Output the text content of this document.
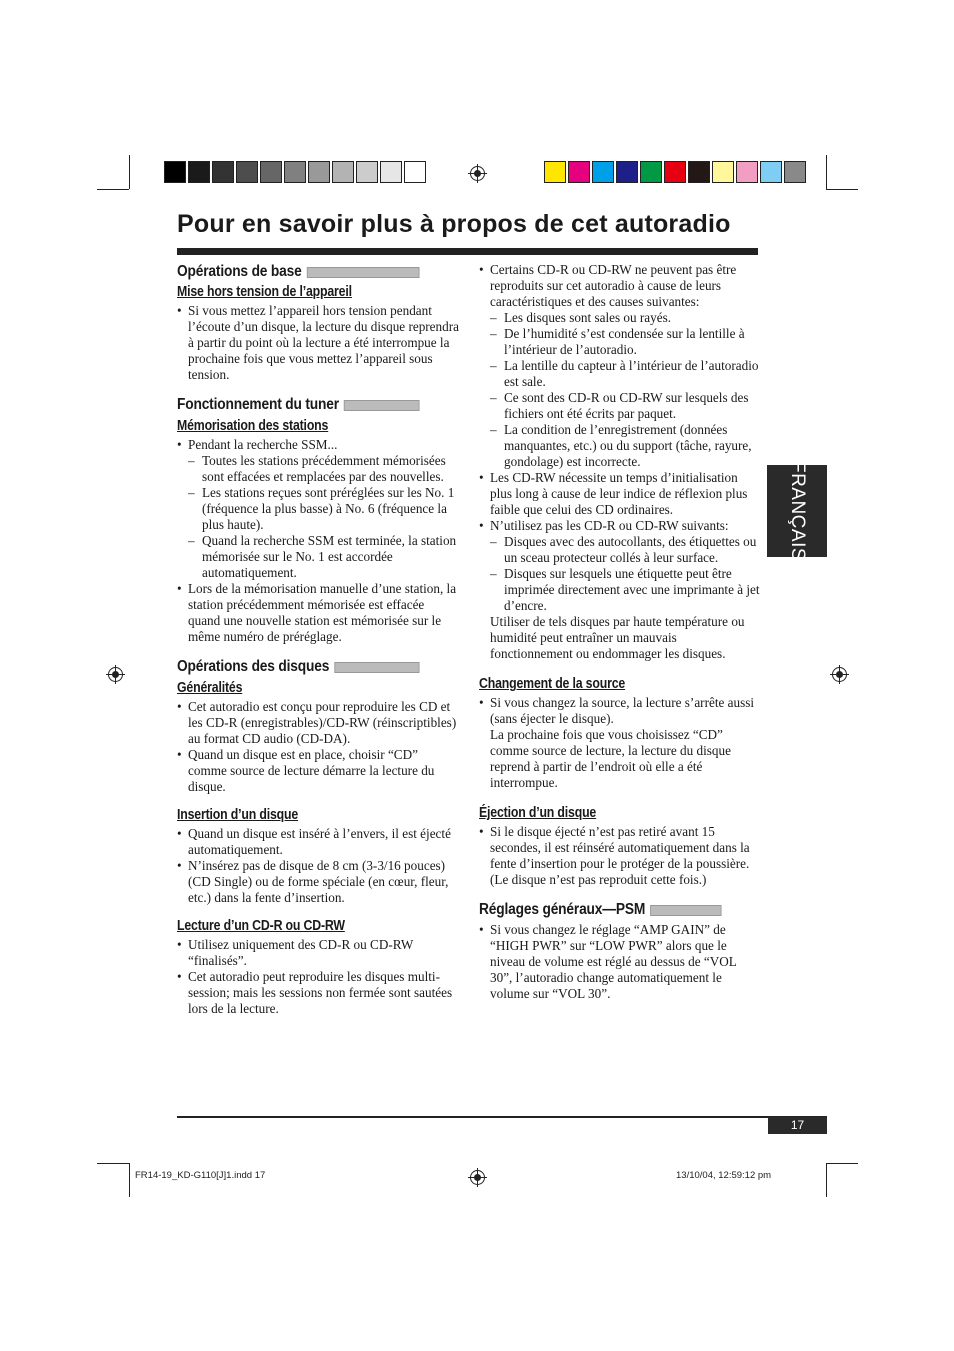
Pour en savoir plus à propos de cet autoradio
Opérations de base
Mise hors tension de l’appareil
• Si vous mettez l’appareil hors tension pendant l’écoute d’un disque, la lecture du disque reprendra à partir du point où la lecture a été interrompue la prochaine fois que vous mettez l’appareil sous tension.
Fonctionnement du tuner
Mémorisation des stations
• Pendant la recherche SSM...
– Toutes les stations précédemment mémorisées sont effacées et remplacées par des nouvelles.
– Les stations reçues sont préréglées sur les No. 1 (fréquence la plus basse) à No. 6 (fréquence la plus haute).
– Quand la recherche SSM est terminée, la station mémorisée sur le No. 1 est accordée automatiquement.
• Lors de la mémorisation manuelle d’une station, la station précédemment mémorisée est effacée quand une nouvelle station est mémorisée sur le même numéro de préréglage.
Opérations des disques
Généralités
• Cet autoradio est conçu pour reproduire les CD et les CD-R (enregistrables)/CD-RW (réinscriptibles) au format CD audio (CD-DA).
• Quand un disque est en place, choisir “CD” comme source de lecture démarre la lecture du disque.
Insertion d’un disque
• Quand un disque est inséré à l’envers, il est éjecté automatiquement.
• N’insérez pas de disque de 8 cm (3-3/16 pouces) (CD Single) ou de forme spéciale (en cœur, fleur, etc.) dans la fente d’insertion.
Lecture d’un CD-R ou CD-RW
• Utilisez uniquement des CD-R ou CD-RW “finalisés”.
• Cet autoradio peut reproduire les disques multi-session; mais les sessions non fermée sont sautées lors de la lecture.
• Certains CD-R ou CD-RW ne peuvent pas être reproduits sur cet autoradio à cause de leurs caractéristiques et des causes suivantes:
– Les disques sont sales ou rayés.
– De l’humidité s’est condensée sur la lentille à l’intérieur de l’autoradio.
– La lentille du capteur à l’intérieur de l’autoradio est sale.
– Ce sont des CD-R ou CD-RW sur lesquels des fichiers ont été écrits par paquet.
– La condition de l’enregistrement (données manquantes, etc.) ou du support (tâche, rayure, gondolage) est incorrecte.
• Les CD-RW nécessite un temps d’initialisation plus long à cause de leur indice de réflexion plus faible que celui des CD ordinaires.
• N’utilisez pas les CD-R ou CD-RW suivants:
– Disques avec des autocollants, des étiquettes ou un sceau protecteur collés à leur surface.
– Disques sur lesquels une étiquette peut être imprimée directement avec une imprimante à jet d’encre.
Utiliser de tels disques par haute température ou humidité peut entraîner un mauvais fonctionnement ou endommager les disques.
Changement de la source
• Si vous changez la source, la lecture s’arrête aussi (sans éjecter le disque).
La prochaine fois que vous choisissez “CD” comme source de lecture, la lecture du disque reprend à partir de l’endroit où elle a été interrompue.
Éjection d’un disque
• Si le disque éjecté n’est pas retiré avant 15 secondes, il est réinséré automatiquement dans la fente d’insertion pour le protéger de la poussière. (Le disque n’est pas reproduit cette fois.)
Réglages généraux—PSM
• Si vous changez le réglage “AMP GAIN” de “HIGH PWR” sur “LOW PWR” alors que le niveau de volume est réglé au dessus de “VOL 30”, l’autoradio change automatiquement le volume sur “VOL 30”.
FRANÇAIS
17
FR14-19_KD-G110[J]1.indd 17	13/10/04, 12:59:12 pm
